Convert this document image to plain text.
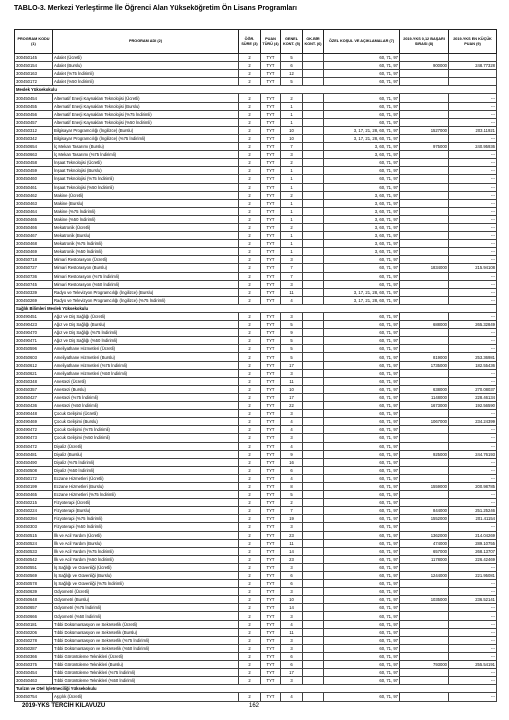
TABLO-3. Merkezi Yerleştirme İle Öğrenci Alan Yükseköğretim Ön Lisans Programları
PROGRAM KODU (1)	PROGRAM ADI (2)	ÖĞR. SÜRE (3)	PUAN TÜRÜ (4)	GENEL KONT. (5)	OK.BİR KONT. (6)	ÖZEL KOŞUL VE AÇIKLAMALAR (7)	2019-YKS 0,12 BAŞARI SIRASI (8)	2019-YKS EN KÜÇÜK PUAN (9)
300450145	Adalet (Ücretli)	2	TYT	5		60, 71, 97		
300450154	Adalet (Burslu)	2	TYT	6		60, 71, 97	900000	248.77328
300450163	Adalet (%75 İndirimli)	2	TYT	12		60, 71, 97		
300450172	Adalet (%50 İndirimli)	2	TYT	5		60, 71, 97		
Meslek Yüksekokulu								
300450454	Alternatif Enerji Kaynakları Teknolojisi (Ücretli)	2	TYT	2		60, 71, 97		---
300450455	Alternatif Enerji Kaynakları Teknolojisi (Burslu)	2	TYT	1		60, 71, 97		---
300450456	Alternatif Enerji Kaynakları Teknolojisi (%75 İndirimli)	2	TYT	1		60, 71, 97		---
300450457	Alternatif Enerji Kaynakları Teknolojisi (%50 İndirimli)	2	TYT	1		60, 71, 97		---
300450312	Bilgisayar Programcılığı (İngilizce) (Burslu)	2	TYT	10		3, 17, 21, 28, 60, 71, 97	1527000	203.11921
300450342	Bilgisayar Programcılığı (İngilizce) (%75 İndirimli)	2	TYT	10		3, 17, 21, 28, 60, 71, 97		---
300450654	İç Mekan Tasarımı (Burslu)	2	TYT	7		3, 60, 71, 97	975000	240.95936
300450663	İç Mekan Tasarımı (%75 İndirimli)	2	TYT	3		3, 60, 71, 97		---
300450458	İnşaat Teknolojisi (Ücretli)	2	TYT	2		60, 71, 97		---
300450459	İnşaat Teknolojisi (Burslu)	2	TYT	1		60, 71, 97		---
300450460	İnşaat Teknolojisi (%75 İndirimli)	2	TYT	1		60, 71, 97		---
300450461	İnşaat Teknolojisi (%50 İndirimli)	2	TYT	1		60, 71, 97		---
300450462	Makine (Ücretli)	2	TYT	2		3, 60, 71, 97		---
300450463	Makine (Burslu)	2	TYT	1		3, 60, 71, 97		---
300450464	Makine (%75 İndirimli)	2	TYT	1		3, 60, 71, 97		---
300450465	Makine (%50 İndirimli)	2	TYT	1		3, 60, 71, 97		---
300450466	Mekatronik (Ücretli)	2	TYT	2		3, 60, 71, 97		---
300450467	Mekatronik (Burslu)	2	TYT	1		3, 60, 71, 97		---
300450468	Mekatronik (%75 İndirimli)	2	TYT	1		3, 60, 71, 97		---
300450469	Mekatronik (%50 İndirimli)	2	TYT	1		3, 60, 71, 97		---
300450718	Mimari Restorasyon (Ücretli)	2	TYT	3		60, 71, 97		---
300450727	Mimari Restorasyon (Burslu)	2	TYT	7		60, 71, 97	1834000	215.94108
300450736	Mimari Restorasyon (%75 İndirimli)	2	TYT	7		60, 71, 97		---
300450745	Mimari Restorasyon (%50 İndirimli)	2	TYT	3		60, 71, 97		---
300450339	Radyo ve Televizyon Programcılığı (İngilizce) (Burslu)	2	TYT	11		3, 17, 21, 28, 60, 71, 97		---
300450269	Radyo ve Televizyon Programcılığı (İngilizce) (%75 İndirimli)	2	TYT	4		3, 17, 21, 28, 60, 71, 97		---
Sağlık Bilimleri Meslek Yüksekokulu								
300490451	Ağız ve Diş Sağlığı (Ücretli)	2	TYT	3		60, 71, 97		---
300490423	Ağız ve Diş Sağlığı (Burslu)	2	TYT	5		60, 71, 97	688000	265.32849
300490470	Ağız ve Diş Sağlığı (%75 İndirimli)	2	TYT	9		60, 71, 97		---
300490471	Ağız ve Diş Sağlığı (%50 İndirimli)	2	TYT	5		60, 71, 97		---
300450596	Ameliyathane Hizmetleri (Ücretli)	2	TYT	5		60, 71, 97		---
300450603	Ameliyathane Hizmetleri (Burslu)	2	TYT	5		60, 71, 97	819000	253.36981
300450612	Ameliyathane Hizmetleri (%75 İndirimli)	2	TYT	17		60, 71, 97	1735000	182.55436
300450621	Ameliyathane Hizmetleri (%50 İndirimli)	2	TYT	3		60, 71, 97		---
300450348	Anestezi (Ücretli)	2	TYT	11		60, 71, 97		---
300450357	Anestezi (Burslu)	2	TYT	10		60, 71, 97	638000	270.08037
300450427	Anestezi (%75 İndirimli)	2	TYT	17		60, 71, 97	1148000	228.46134
300450436	Anestezi (%50 İndirimli)	2	TYT	22		60, 71, 97	1673000	192.56590
300490448	Çocuk Gelişimi (Ücretli)	2	TYT	3		60, 71, 97		---
300490469	Çocuk Gelişimi (Burslu)	2	TYT	4		60, 71, 97	1067000	234.24399
300490472	Çocuk Gelişimi (%75 İndirimli)	2	TYT	4		60, 71, 97		---
300490473	Çocuk Gelişimi (%50 İndirimli)	2	TYT	3		60, 71, 97		---
300450472	Diyaliz (Ücretli)	2	TYT	4		60, 71, 97		---
300450481	Diyaliz (Burslu)	2	TYT	9		60, 71, 97	925000	244.76193
300450490	Diyaliz (%75 İndirimli)	2	TYT	16		60, 71, 97		---
300450508	Diyaliz (%50 İndirimli)	2	TYT	6		60, 71, 97		---
300450172	Eczane Hizmetleri (Ücretli)	2	TYT	4		60, 71, 97		---
300450199	Eczane Hizmetleri (Burslu)	2	TYT	8		60, 71, 97	1559000	200.98785
300450465	Eczane Hizmetleri (%75 İndirimli)	2	TYT	5		60, 71, 97		---
300450215	Fizyoterapi (Ücretli)	2	TYT	2		60, 71, 97		---
300450224	Fizyoterapi (Burslu)	2	TYT	7		60, 71, 97	844000	251.25246
300450294	Fizyoterapi (%75 İndirimli)	2	TYT	19		60, 71, 97	1552000	201.41154
300450303	Fizyoterapi (%50 İndirimli)	2	TYT	3		60, 71, 97		---
300450515	İlk ve Acil Yardım (Ücretli)	2	TYT	23		60, 71, 97	1362000	214.04269
300450524	İlk ve Acil Yardım (Burslu)	2	TYT	11		60, 71, 97	474000	289.10755
300450533	İlk ve Acil Yardım (%75 İndirimli)	2	TYT	14		60, 71, 97	657000	268.13707
300450542	İlk ve Acil Yardım (%50 İndirimli)	2	TYT	23		60, 71, 97	1178000	226.42469
300450551	İş Sağlığı ve Güvenliği (Ücretli)	2	TYT	3		60, 71, 97		---
300450569	İş Sağlığı ve Güvenliği (Burslu)	2	TYT	6		60, 71, 97	1244000	221.95081
300450578	İş Sağlığı ve Güvenliği (%75 İndirimli)	2	TYT	6		60, 71, 97		---
300450639	Odyometri (Ücretli)	2	TYT	3		60, 71, 97		---
300450648	Odyometri (Burslu)	2	TYT	10		60, 71, 97	1035000	236.52141
300450657	Odyometri (%75 İndirimli)	2	TYT	14		60, 71, 97		---
300450666	Odyometri (%50 İndirimli)	2	TYT	3		60, 71, 97		---
300450181	Tıbbi Dokümantasyon ve Sekreterlik (Ücretli)	2	TYT	4		60, 71, 97		---
300450206	Tıbbi Dokümantasyon ve Sekreterlik (Burslu)	2	TYT	11		60, 71, 97		---
300450278	Tıbbi Dokümantasyon ve Sekreterlik (%75 İndirimli)	2	TYT	3		60, 71, 97		---
300450287	Tıbbi Dokümantasyon ve Sekreterlik (%50 İndirimli)	2	TYT	3		60, 71, 97		---
300450366	Tıbbi Görüntüleme Teknikleri (Ücretli)	2	TYT	6		60, 71, 97		---
300450375	Tıbbi Görüntüleme Teknikleri (Burslu)	2	TYT	6		60, 71, 97	793000	255.54191
300450454	Tıbbi Görüntüleme Teknikleri (%75 İndirimli)	2	TYT	17		60, 71, 97		---
300450463	Tıbbi Görüntüleme Teknikleri (%50 İndirimli)	2	TYT	3		60, 71, 97		---
Turizm ve Otel İşletmeciliği Yüksekokulu								
300450754	Aşçılık (Ücretli)	2	TYT	4		60, 71, 97		---
2019-YKS TERCİH KILAVUZU	162
